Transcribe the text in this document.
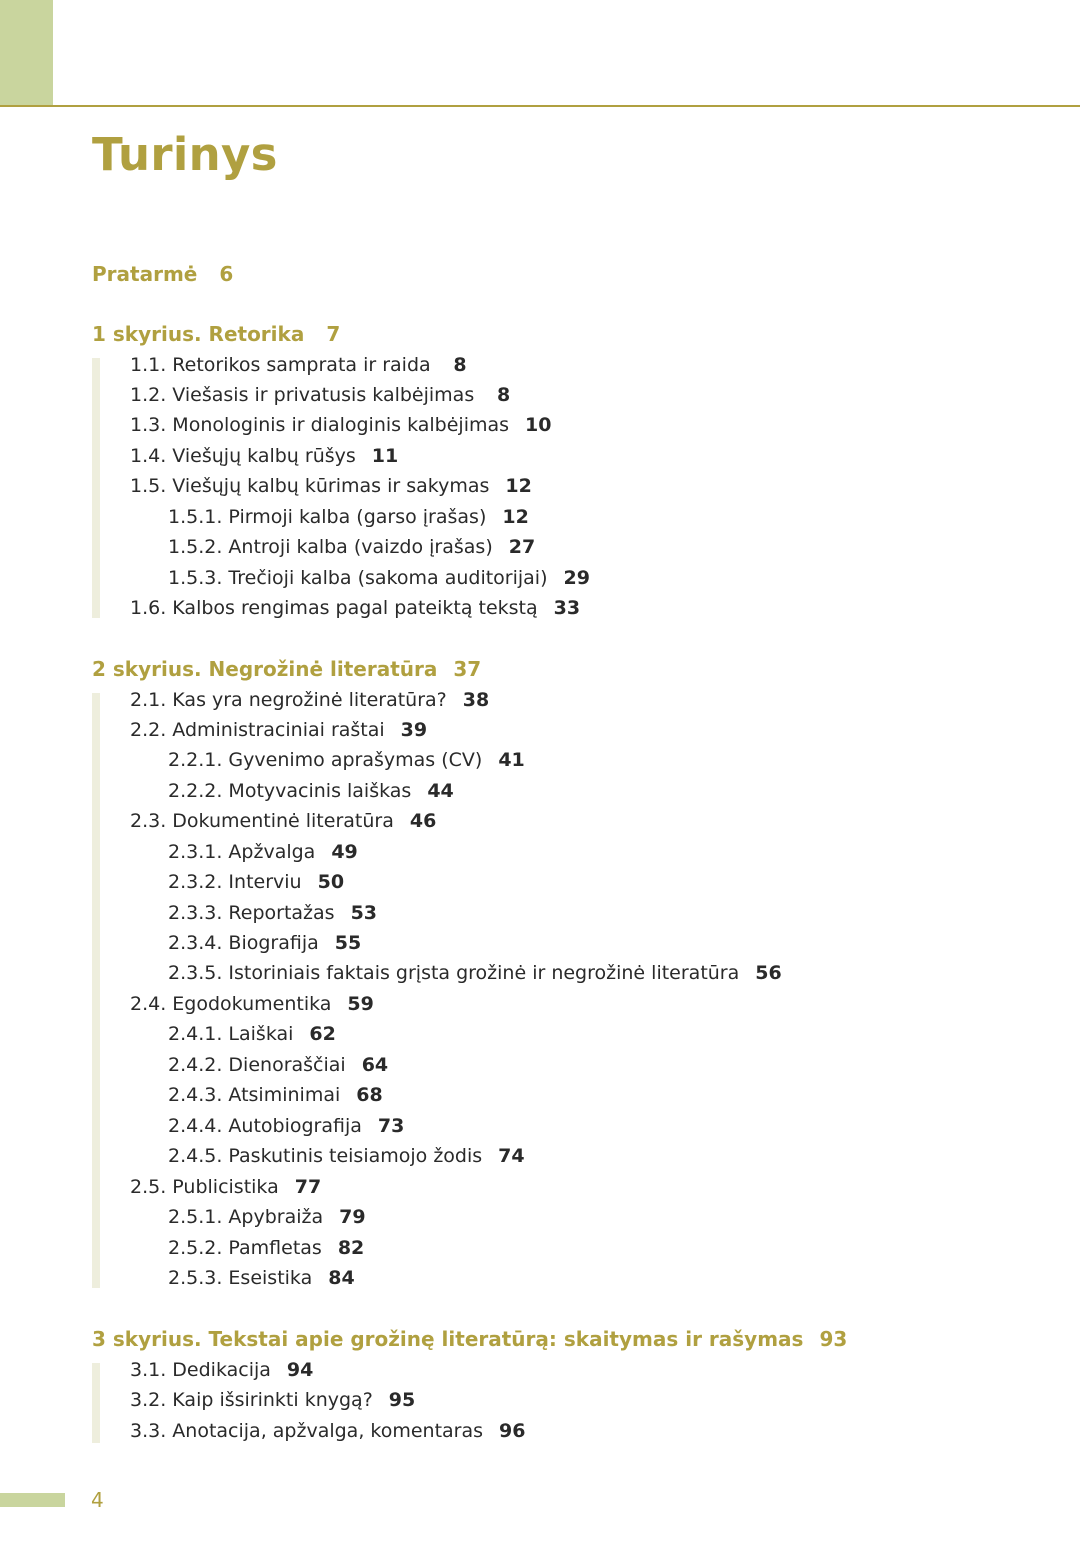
Turinys
Pratarmė	6
1 skyrius. Retorika	7
1.1. Retorikos samprata ir raida	8
1.2. Viešasis ir privatusis kalbėjimas	8
1.3. Monologinis ir dialoginis kalbėjimas 10
1.4. Viešųjų kalbų rūšys 11
1.5. Viešųjų kalbų kūrimas ir sakymas 12
1.5.1. Pirmoji kalba (garso įrašas) 12
1.5.2. Antroji kalba (vaizdo įrašas) 27
1.5.3. Trečioji kalba (sakoma auditorijai) 29
1.6. Kalbos rengimas pagal pateiktą tekstą 33
2 skyrius. Negrožinė literatūra 37
2.1. Kas yra negrožinė literatūra? 38
2.2. Administraciniai raštai 39
2.2.1. Gyvenimo aprašymas (CV) 41
2.2.2. Motyvacinis laiškas 44
2.3. Dokumentinė literatūra 46
2.3.1. Apžvalga 49
2.3.2. Interviu 50
2.3.3. Reportažas 53
2.3.4. Biografija 55
2.3.5. Istoriniais faktais grįsta grožinė ir negrožinė literatūra 56
2.4. Egodokumentika 59
2.4.1. Laiškai 62
2.4.2. Dienoraščiai 64
2.4.3. Atsiminimai 68
2.4.4. Autobiografija 73
2.4.5. Paskutinis teisiamojo žodis 74
2.5. Publicistika 77
2.5.1. Apybraiža 79
2.5.2. Pamfletas 82
2.5.3. Eseistika 84
3 skyrius. Tekstai apie grožinę literatūrą: skaitymas ir rašymas 93
3.1. Dedikacija 94
3.2. Kaip išsirinkti knygą? 95
3.3. Anotacija, apžvalga, komentaras 96
4
